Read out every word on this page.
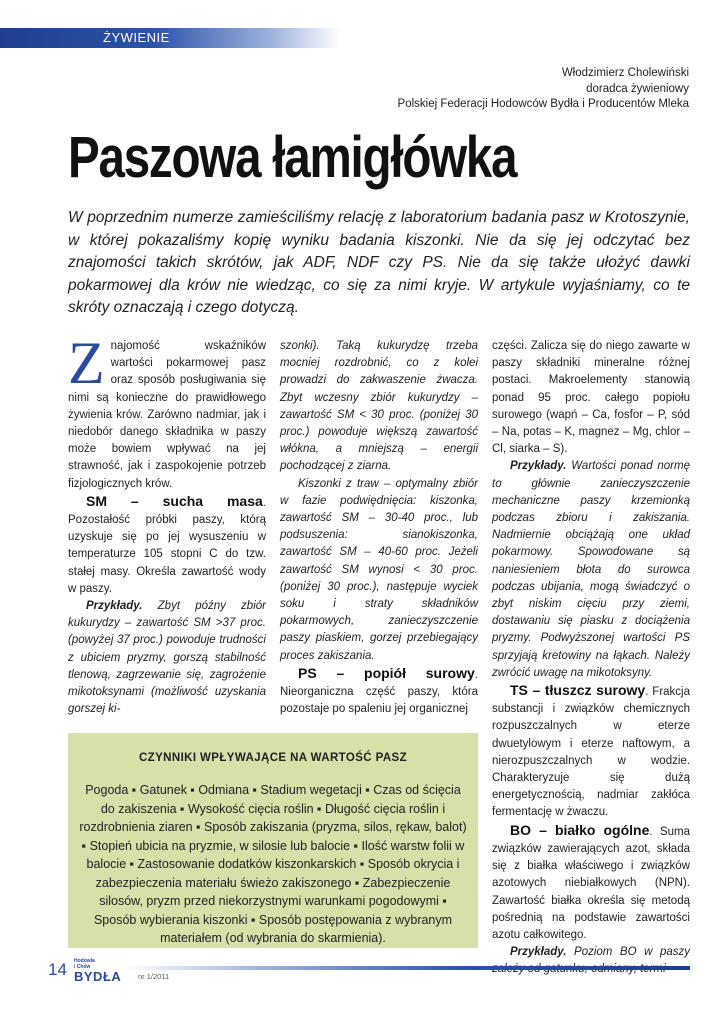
ŻYWIENIE
Włodzimierz Cholewiński
doradca żywieniowy
Polskiej Federacji Hodowców Bydła i Producentów Mleka
Paszowa łamigłówka
W poprzednim numerze zamieściliśmy relację z laboratorium badania pasz w Krotoszynie, w której pokazaliśmy kopię wyniku badania kiszonki. Nie da się jej odczytać bez znajomości takich skrótów, jak ADF, NDF czy PS. Nie da się także ułożyć dawki pokarmowej dla krów nie wiedząc, co się za nimi kryje. W artykule wyjaśniamy, co te skróty oznaczają i czego dotyczą.

Znajomość wskaźników wartości pokarmowej pasz oraz sposób posługiwania się nimi są konieczne do prawidłowego żywienia krów. Zarówno nadmiar, jak i niedobór danego składnika w paszy może bowiem wpływać na jej strawność, jak i zaspokojenie potrzeb fizjologicznych krów.

SM – sucha masa. Pozostałość próbki paszy, którą uzyskuje się po jej wysuszeniu w temperaturze 105 stopni C do tzw. stałej masy. Określa zawartość wody w paszy.

Przykłady. Zbyt późny zbiór kukurydzy – zawartość SM >37 proc. (powyżej 37 proc.) powoduje trudności z ubiciem pryzmy, gorszą stabilność tlenową, zagrzewanie się, zagrożenie mikotoksynami (możliwość uzyskania gorszej ki-

szonki). Taką kukurydzę trzeba mocniej rozdrobnić, co z kolei prowadzi do zakwaszenie żwacza. Zbyt wczesny zbiór kukurydzy – zawartość SM < 30 proc. (poniżej 30 proc.) powoduje większą zawartość włókna, a mniejszą – energii pochodzącej z ziarna.

Kiszonki z traw – optymalny zbiór w fazie podwiędnięcia: kiszonka, zawartość SM – 30-40 proc., lub podsuszenia: sianokiszonka, zawartość SM – 40-60 proc. Jeżeli zawartość SM wynosi < 30 proc. (poniżej 30 proc.), następuje wyciek soku i straty składników pokarmowych, zanieczyszczenie paszy piaskiem, gorzej przebiegający proces zakiszania.

PS – popiół surowy. Nieorganiczna część paszy, która pozostaje po spaleniu jej organicznej

części. Zalicza się do niego zawarte w paszy składniki mineralne różnej postaci. Makroelementy stanowią ponad 95 proc. całego popiołu surowego (wapń – Ca, fosfor – P, sód – Na, potas – K, magnez – Mg, chlor – Cl, siarka – S).

Przykłady. Wartości ponad normę to głównie zanieczyszczenie mechaniczne paszy krzemionką podczas zbioru i zakiszania. Nadmiernie obciążają one układ pokarmowy. Spowodowane są naniesieniem błota do surowca podczas ubijania, mogą świadczyć o zbyt niskim cięciu przy ziemi, dostawaniu się piasku z dociążenia pryzmy. Podwyższonej wartości PS sprzyjają kretowiny na łąkach. Należy zwrócić uwagę na mikotoksyny.

TS – tłuszcz surowy. Frakcja substancji i związków chemicznych rozpuszczalnych w eterze dwuetylowym i eterze naftowym, a nierozpuszczalnych w wodzie. Charakteryzuje się dużą energetycznością, nadmiar zakłóca fermentację w żwaczu.

BO – białko ogólne. Suma związków zawierających azot, składa się z białka właściwego i związków azotowych niebiałkowych (NPN). Zawartość białka określa się metodą pośrednią na podstawie zawartości azotu całkowitego.

Przykłady. Poziom BO w paszy

CZYNNIKI WPŁYWAJĄCE NA WARTOŚĆ PASZ

Pogoda ▪ Gatunek ▪ Odmiana ▪ Stadium wegetacji ▪ Czas od ścięcia do zakiszenia ▪ Wysokość cięcia roślin ▪ Długość cięcia roślin i rozdrobnienia ziaren ▪ Sposób zakiszania (pryzma, silos, rękaw, balot) ▪ Stopień ubicia na pryzmie, w silosie lub balocie ▪ Ilość warstw folii w balocie ▪ Zastosowanie dodatków kiszonkarskich ▪ Sposób okrycia i zabezpieczenia materiału świeżo zakiszonego ▪ Zabezpieczenie silosów, pryzm przed niekorzystnymi warunkami pogodowymi ▪ Sposób wybierania kiszonki ▪ Sposób postępowania z wybranym materiałem (od wybrania do skarmienia).

14 Hodowla
i Chów
BYDŁA nr 1/2011
